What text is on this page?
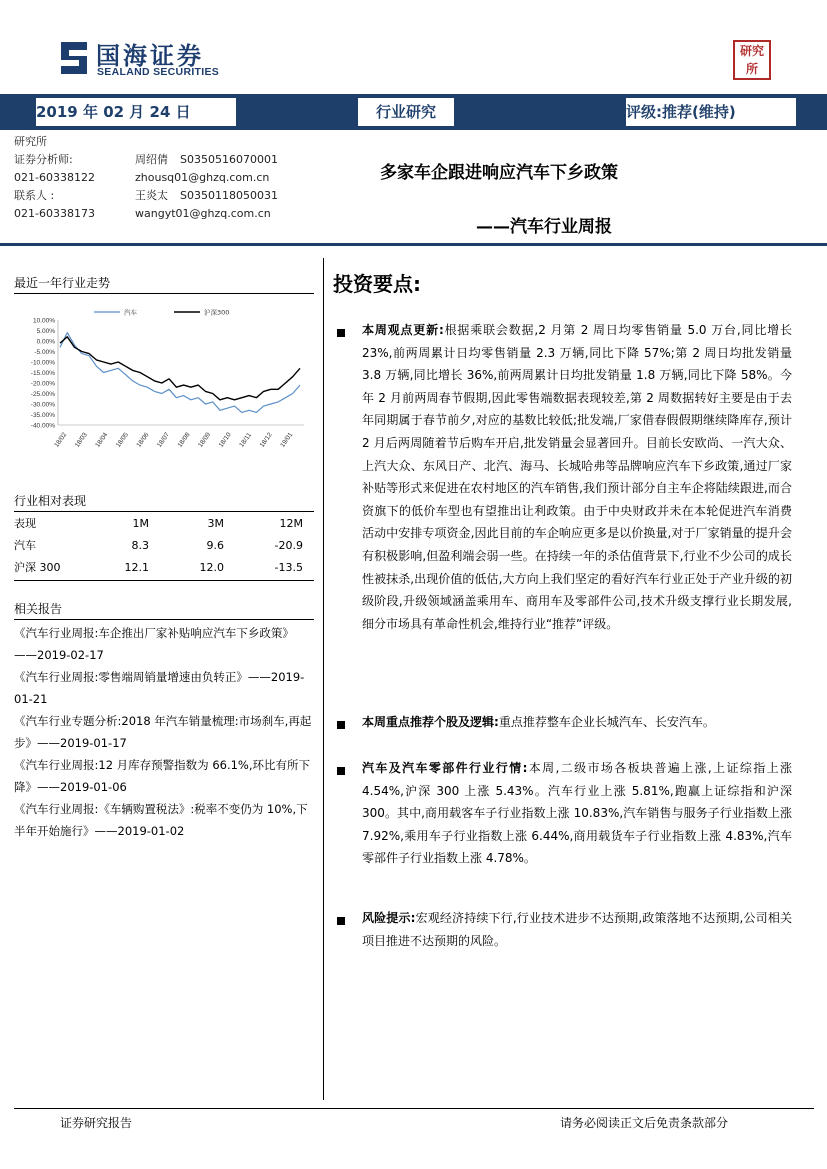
国海证券
SEALAND SECURITIES
研究
所
2019 年 02 月 24 日	行业研究	评级:推荐(维持)
研究所
证券分析师:	周绍倩 S0350516070001
021-60338122	zhousq01@ghzq.com.cn
联系人 :	王炎太 S0350118050031
021-60338173	wangyt01@ghzq.com.cn
多家车企跟进响应汽车下乡政策
——汽车行业周报
最近一年行业走势
汽车	沪深300
10.00%
5.00%
0.00%
-5.00%
-10.00%
-15.00%
-20.00%
-25.00%
-30.00%
-35.00%
-40.00%
18/02 18/03 18/04 18/05 18/06 18/07 18/08 18/09 18/10 18/11 18/12 19/01
行业相对表现
表现	1M	3M	12M
汽车	8.3	9.6	-20.9
沪深 300	12.1	12.0	-13.5
相关报告
《汽车行业周报:车企推出厂家补贴响应汽车下乡政策》——2019-02-17
《汽车行业周报:零售端周销量增速由负转正》——2019-01-21
《汽车行业专题分析:2018 年汽车销量梳理:市场刹车,再起步》——2019-01-17
《汽车行业周报:12 月库存预警指数为 66.1%,环比有所下降》——2019-01-06
《汽车行业周报:《车辆购置税法》:税率不变仍为 10%,下半年开始施行》——2019-01-02
投资要点:
本周观点更新:根据乘联会数据,2 月第 2 周日均零售销量 5.0 万台,同比增长 23%,前两周累计日均零售销量 2.3 万辆,同比下降 57%;第 2 周日均批发销量 3.8 万辆,同比增长 36%,前两周累计日均批发销量 1.8 万辆,同比下降 58%。今年 2 月前两周春节假期,因此零售端数据表现较差,第 2 周数据转好主要是由于去年同期属于春节前夕,对应的基数比较低;批发端,厂家借春假假期继续降库存,预计 2 月后两周随着节后购车开启,批发销量会显著回升。目前长安欧尚、一汽大众、上汽大众、东风日产、北汽、海马、长城哈弗等品牌响应汽车下乡政策,通过厂家补贴等形式来促进在农村地区的汽车销售,我们预计部分自主车企将陆续跟进,而合资旗下的低价车型也有望推出让利政策。由于中央财政并未在本轮促进汽车消费活动中安排专项资金,因此目前的车企响应更多是以价换量,对于厂家销量的提升会有积极影响,但盈利端会弱一些。在持续一年的杀估值背景下,行业不少公司的成长性被抹杀,出现价值的低估,大方向上我们坚定的看好汽车行业正处于产业升级的初级阶段,升级领域涵盖乘用车、商用车及零部件公司,技术升级支撑行业长期发展,细分市场具有革命性机会,维持行业“推荐”评级。
本周重点推荐个股及逻辑:重点推荐整车企业长城汽车、长安汽车。
汽车及汽车零部件行业行情:本周,二级市场各板块普遍上涨,上证综指上涨 4.54%,沪深 300 上涨 5.43%。汽车行业上涨 5.81%,跑赢上证综指和沪深 300。其中,商用载客车子行业指数上涨 10.83%,汽车销售与服务子行业指数上涨 7.92%,乘用车子行业指数上涨 6.44%,商用载货车子行业指数上涨 4.83%,汽车零部件子行业指数上涨 4.78%。
风险提示:宏观经济持续下行,行业技术进步不达预期,政策落地不达预期,公司相关项目推进不达预期的风险。
证券研究报告	请务必阅读正文后免责条款部分
